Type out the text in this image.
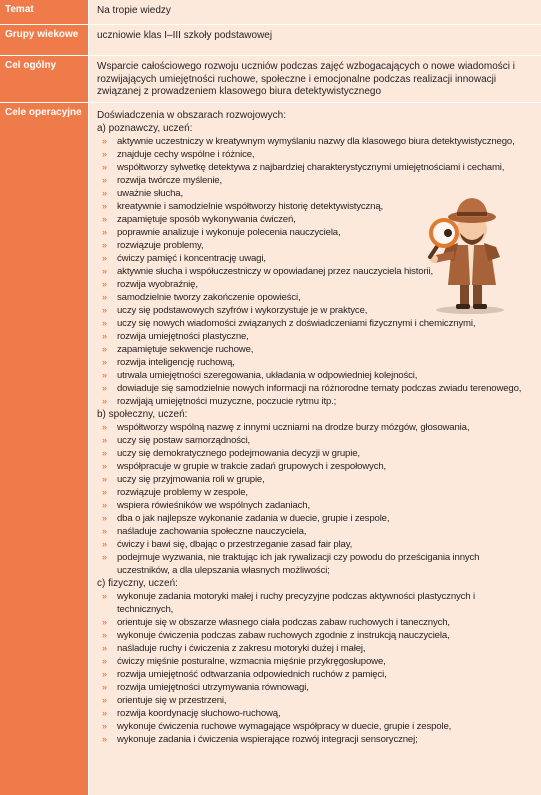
Temat	Na tropie wiedzy
Grupy wiekowe	uczniowie klas I–III szkoły podstawowej
Cel ogólny	Wsparcie całościowego rozwoju uczniów podczas zajęć wzbogacających o nowe wiadomości i rozwijających umiejętności ruchowe, społeczne i emocjonalne podczas realizacji innowacji związanej z prowadzeniem klasowego biura detektywistycznego
Cele operacyjne	Doświadczenia w obszarach rozwojowych:
a) poznawczy, uczeń:
» aktywnie uczestniczy w kreatywnym wymyślaniu nazwy dla klasowego biura detektywistycznego,
» znajduje cechy wspólne i różnice,
» współtworzy sylwetkę detektywa z najbardziej charakterystycznymi umiejętnościami i cechami,
» rozwija twórcze myślenie,
» uważnie słucha,
» kreatywnie i samodzielnie współtworzy historię detektywistyczną,
» zapamiętuje sposób wykonywania ćwiczeń,
» poprawnie analizuje i wykonuje polecenia nauczyciela,
» rozwiązuje problemy,
» ćwiczy pamięć i koncentrację uwagi,
» aktywnie słucha i współuczestniczy w opowiadanej przez nauczyciela historii,
» rozwija wyobraźnię,
» samodzielnie tworzy zakończenie opowieści,
» uczy się podstawowych szyfrów i wykorzystuje je w praktyce,
» uczy się nowych wiadomości związanych z doświadczeniami fizycznymi i chemicznymi,
» rozwija umiejętności plastyczne,
» zapamiętuje sekwencje ruchowe,
» rozwija inteligencję ruchową,
» utrwala umiejętności szeregowania, układania w odpowiedniej kolejności,
» dowiaduje się samodzielnie nowych informacji na różnorodne tematy podczas zwiadu terenowego,
» rozwijają umiejętności muzyczne, poczucie rytmu itp.;
b) społeczny, uczeń:
» współtworzy wspólną nazwę z innymi uczniami na drodze burzy mózgów, głosowania,
» uczy się postaw samorządności,
» uczy się demokratycznego podejmowania decyzji w grupie,
» współpracuje w grupie w trakcie zadań grupowych i zespołowych,
» uczy się przyjmowania roli w grupie,
» rozwiązuje problemy w zespole,
» wspiera rówieśników we wspólnych zadaniach,
» dba o jak najlepsze wykonanie zadania w duecie, grupie i zespole,
» naśladuje zachowania społeczne nauczyciela,
» ćwiczy i bawi się, dbając o przestrzeganie zasad fair play,
» podejmuje wyzwania, nie traktując ich jak rywalizacji czy powodu do prześcigania innych uczestników, a dla ulepszania własnych możliwości;
c) fizyczny, uczeń:
» wykonuje zadania motoryki małej i ruchy precyzyjne podczas aktywności plastycznych i technicznych,
» orientuje się w obszarze własnego ciała podczas zabaw ruchowych i tanecznych,
» wykonuje ćwiczenia podczas zabaw ruchowych zgodnie z instrukcją nauczyciela,
» naśladuje ruchy i ćwiczenia z zakresu motoryki dużej i małej,
» ćwiczy mięśnie posturalne, wzmacnia mięśnie przykręgosłupowe,
» rozwija umiejętność odtwarzania odpowiednich ruchów z pamięci,
» rozwija umiejętności utrzymywania równowagi,
» orientuje się w przestrzeni,
» rozwija koordynację słuchowo-ruchową,
» wykonuje ćwiczenia ruchowe wymagające współpracy w duecie, grupie i zespole,
» wykonuje zadania i ćwiczenia wspierające rozwój integracji sensorycznej;
